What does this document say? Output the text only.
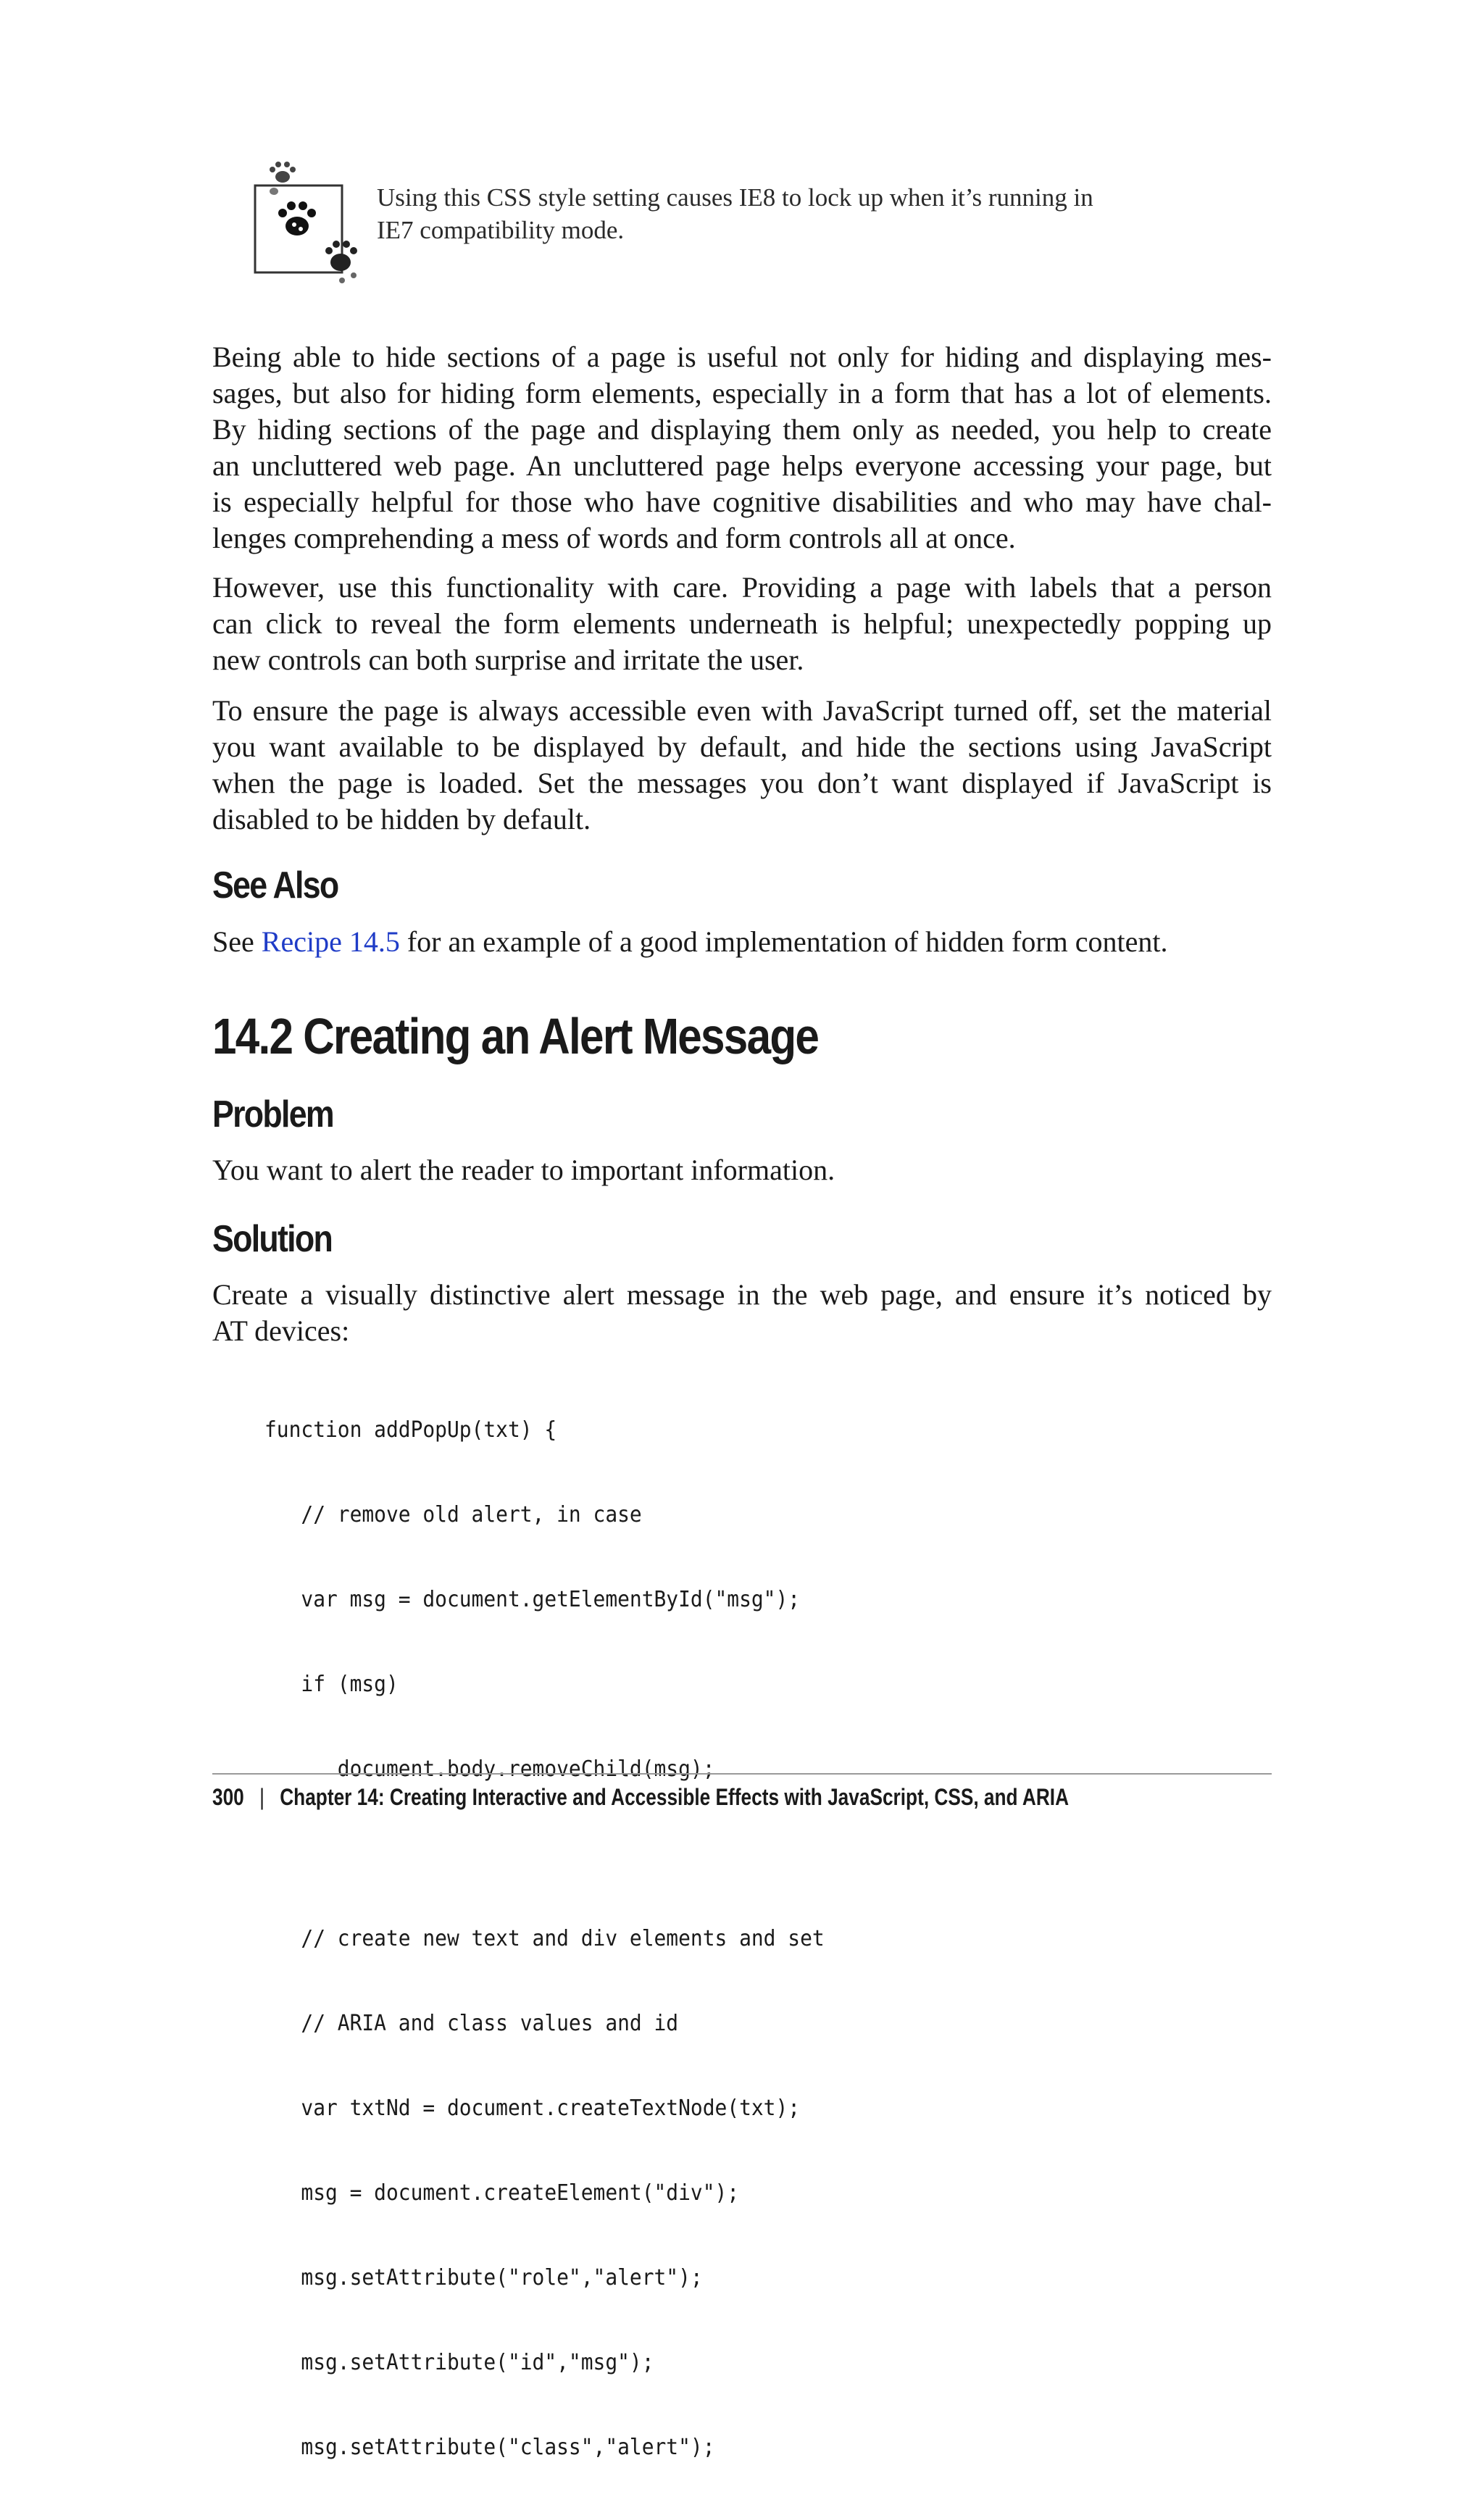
Using this CSS style setting causes IE8 to lock up when it’s running in
IE7 compatibility mode.
Being able to hide sections of a page is useful not only for hiding and displaying mes-
sages, but also for hiding form elements, especially in a form that has a lot of elements.
By hiding sections of the page and displaying them only as needed, you help to create
an uncluttered web page. An uncluttered page helps everyone accessing your page, but
is especially helpful for those who have cognitive disabilities and who may have chal-
lenges comprehending a mess of words and form controls all at once.
However, use this functionality with care. Providing a page with labels that a person
can click to reveal the form elements underneath is helpful; unexpectedly popping up
new controls can both surprise and irritate the user.
To ensure the page is always accessible even with JavaScript turned off, set the material
you want available to be displayed by default, and hide the sections using JavaScript
when the page is loaded. Set the messages you don’t want displayed if JavaScript is
disabled to be hidden by default.
See Also
See Recipe 14.5 for an example of a good implementation of hidden form content.
14.2 Creating an Alert Message
Problem
You want to alert the reader to important information.
Solution
Create a visually distinctive alert message in the web page, and ensure it’s noticed by
AT devices:

function addPopUp(txt) {

// remove old alert, in case

var msg = document.getElementById("msg");

if (msg)

document.body.removeChild(msg);

// create new text and div elements and set

// ARIA and class values and id

var txtNd = document.createTextNode(txt);

msg = document.createElement("div");

msg.setAttribute("role","alert");

msg.setAttribute("id","msg");

msg.setAttribute("class","alert");

300 | Chapter 14: Creating Interactive and Accessible Effects with JavaScript, CSS, and ARIA
